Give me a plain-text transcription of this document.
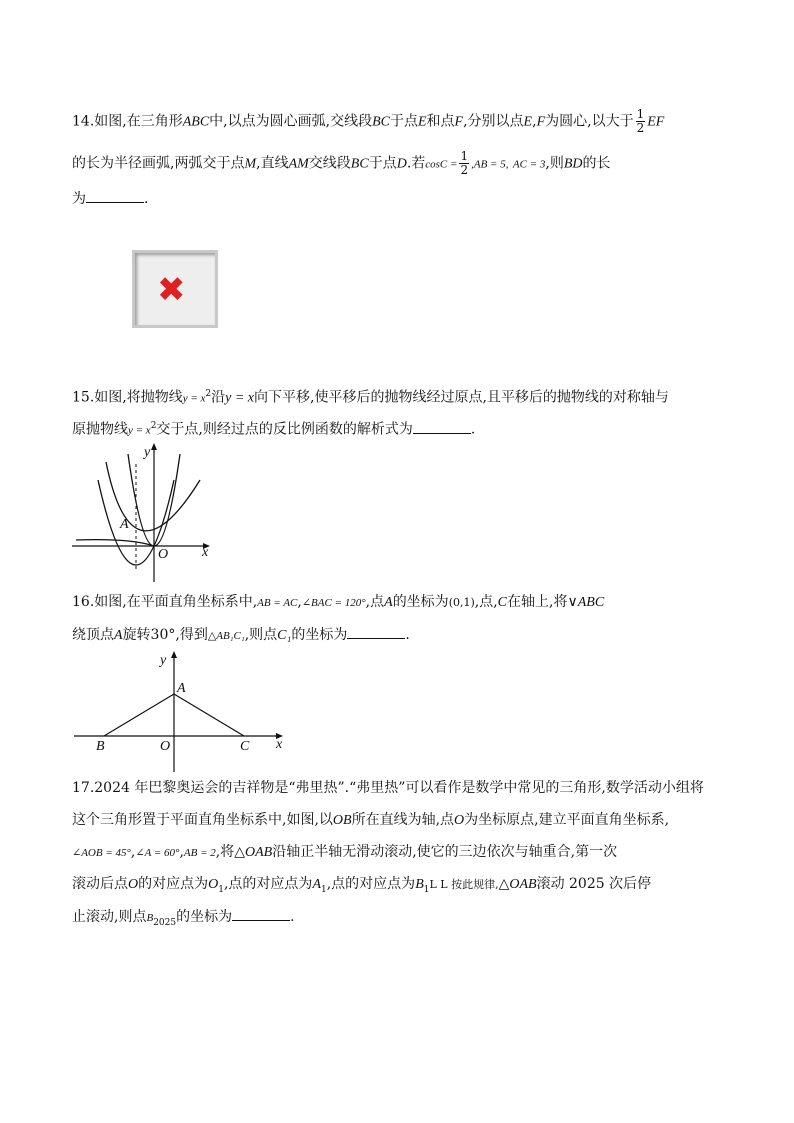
14.如图,在三角形ABC中,以点为圆心画弧,交线段BC于点E和点F,分别以点E,F为圆心,以大于 $\frac{1}{2}$ EF
的长为半径画弧,两弧交于点M,直线AM交线段BC于点D.若$\cos C = \frac{1}{2} ,AB = 5$, AC = 3,则BD的长
为	.
✖
15.如图,将抛物线$y = x^2$沿y = x向下平移,使平移后的抛物线经过原点,且平移后的抛物线的对称轴与
原抛物线$y = x^2$交于点,则经过点的反比例函数的解析式为	.
y
x
O
A
16.如图,在平面直角坐标系中,AB = AC,∠BAC = 120°,点A的坐标为(0,1),点,C在轴上,将∨ABC
绕顶点A旋转30°,得到△AB₁C₁,则点C₁的坐标为	.
y
A
B	O	C x
17.2024 年巴黎奥运会的吉祥物是“弗里热”.“弗里热”可以看作是数学中常见的三角形,数学活动小组将
这个三角形置于平面直角坐标系中,如图,以OB所在直线为轴,点O为坐标原点,建立平面直角坐标系,
∠AOB = 45°,∠A = 60°,AB = 2,将△OAB沿轴正半轴无滑动滚动,使它的三边依次与轴重合,第一次
滚动后点O的对应点为$O_1$,点的对应点为$A_1$,点的对应点为$B_1L$ L 按此规律,△OAB滚动 2025 次后停
止滚动,则点$B_{2025}$的坐标为	.
